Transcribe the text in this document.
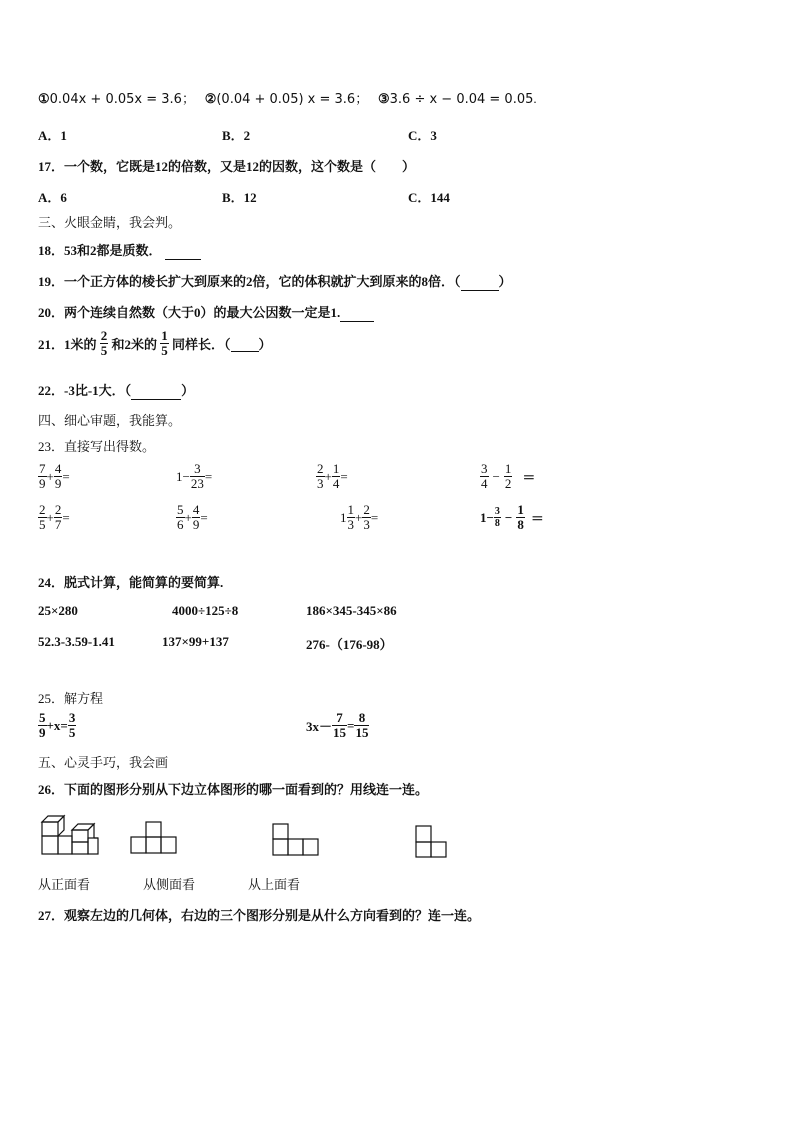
①0.04x + 0.05x = 3.6； ②(0.04 + 0.05) x = 3.6； ③3.6 ÷ x − 0.04 = 0.05.
A．1	B．2	C．3
17．一个数，它既是12的倍数，又是12的因数，这个数是（　　）
A．6	B．12	C．144
三、火眼金睛，我会判。
18．53和2都是质数．
19．一个正方体的棱长扩大到原来的2倍，它的体积就扩大到原来的8倍．（	）
20．两个连续自然数（大于0）的最大公因数一定是1.
21．1米的 $\frac{2}{5}$ 和2米的 $\frac{1}{5}$ 同样长．（ ）
22．-3比-1大．（	）
四、细心审题，我能算。
23．直接写出得数。
$\frac{7}{9} + \frac{4}{9}$ =	$1- \frac{3}{23}$ =	$\frac{2}{3} + \frac{1}{4}$ =	$\frac{3}{4} - \frac{1}{2}$ ＝
$\frac{2}{5} + \frac{2}{7}$ =	$\frac{5}{6} + \frac{4}{9}$ =	$1 \frac{1}{3} + \frac{2}{3}$ =	$1- \frac{3}{8} - \frac{1}{8}$ ＝
24．脱式计算，能简算的要简算.
25×280	4000÷125÷8	186×345-345×86
52.3-3.59-1.41	137×99+137	276-（176-98）
25．解方程
$\frac{5}{9} +x= \frac{3}{5}$	$3x- \frac{7}{15} = \frac{8}{15}$
五、心灵手巧，我会画
26．下面的图形分别从下边立体图形的哪一面看到的？用线连一连。
从正面看	从侧面看	从上面看
27．观察左边的几何体，右边的三个图形分别是从什么方向看到的？连一连。
